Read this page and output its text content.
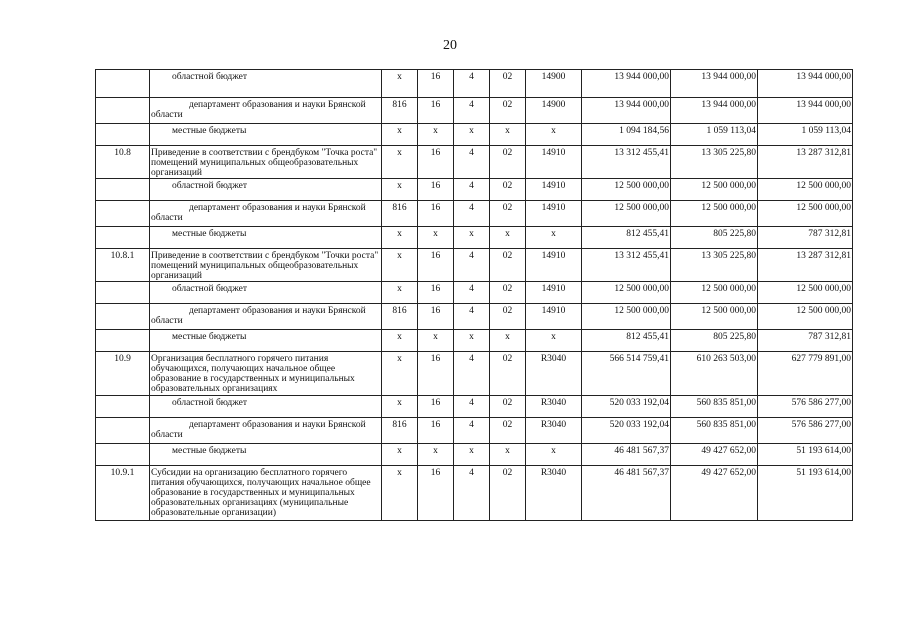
20
	областной бюджет	x	16	4	02	14900	13 944 000,00	13 944 000,00	13 944 000,00
	департамент образования и науки Брянской области	816	16	4	02	14900	13 944 000,00	13 944 000,00	13 944 000,00
	местные бюджеты	x	x	x	x	x	1 094 184,56	1 059 113,04	1 059 113,04
10.8	Приведение в соответствии с брендбуком "Точка роста" помещений муниципальных общеобразовательных организаций	x	16	4	02	14910	13 312 455,41	13 305 225,80	13 287 312,81
	областной бюджет	x	16	4	02	14910	12 500 000,00	12 500 000,00	12 500 000,00
	департамент образования и науки Брянской области	816	16	4	02	14910	12 500 000,00	12 500 000,00	12 500 000,00
	местные бюджеты	x	x	x	x	x	812 455,41	805 225,80	787 312,81
10.8.1	Приведение в соответствии с брендбуком "Точки роста" помещений муниципальных общеобразовательных организаций	x	16	4	02	14910	13 312 455,41	13 305 225,80	13 287 312,81
	областной бюджет	x	16	4	02	14910	12 500 000,00	12 500 000,00	12 500 000,00
	департамент образования и науки Брянской области	816	16	4	02	14910	12 500 000,00	12 500 000,00	12 500 000,00
	местные бюджеты	x	x	x	x	x	812 455,41	805 225,80	787 312,81
10.9	Организация бесплатного горячего питания обучающихся, получающих начальное общее образование в государственных и муниципальных образовательных организациях	x	16	4	02	R3040	566 514 759,41	610 263 503,00	627 779 891,00
	областной бюджет	x	16	4	02	R3040	520 033 192,04	560 835 851,00	576 586 277,00
	департамент образования и науки Брянской области	816	16	4	02	R3040	520 033 192,04	560 835 851,00	576 586 277,00
	местные бюджеты	x	x	x	x	x	46 481 567,37	49 427 652,00	51 193 614,00
10.9.1	Субсидии на организацию бесплатного горячего питания обучающихся, получающих начальное общее образование в государственных и муниципальных образовательных организациях (муниципальные образовательные организации)	x	16	4	02	R3040	46 481 567,37	49 427 652,00	51 193 614,00
